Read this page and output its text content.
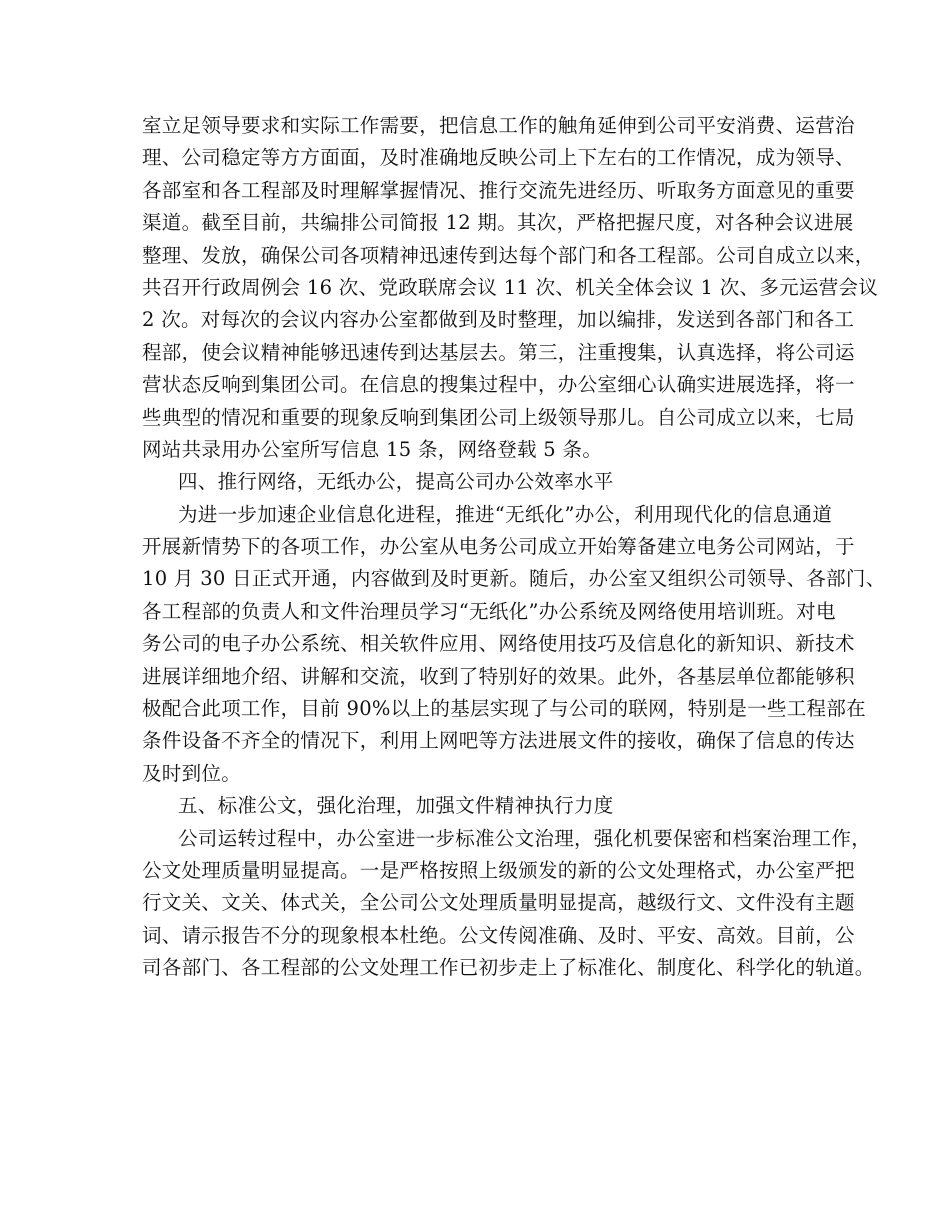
室立足领导要求和实际工作需要，把信息工作的触角延伸到公司平安消费、运营治
理、公司稳定等方方面面，及时准确地反映公司上下左右的工作情况，成为领导、
各部室和各工程部及时理解掌握情况、推行交流先进经历、听取务方面意见的重要
渠道。截至目前，共编排公司简报 12 期。其次，严格把握尺度，对各种会议进展
整理、发放，确保公司各项精神迅速传到达每个部门和各工程部。公司自成立以来，
共召开行政周例会 16 次、党政联席会议 11 次、机关全体会议 1 次、多元运营会议
2 次。对每次的会议内容办公室都做到及时整理，加以编排，发送到各部门和各工
程部，使会议精神能够迅速传到达基层去。第三，注重搜集，认真选择，将公司运
营状态反响到集团公司。在信息的搜集过程中，办公室细心认确实进展选择，将一
些典型的情况和重要的现象反响到集团公司上级领导那儿。自公司成立以来，七局
网站共录用办公室所写信息 15 条，网络登载 5 条。
四、推行网络，无纸办公，提高公司办公效率水平
为进一步加速企业信息化进程，推进“无纸化”办公，利用现代化的信息通道
开展新情势下的各项工作，办公室从电务公司成立开始筹备建立电务公司网站，于
10 月 30 日正式开通，内容做到及时更新。随后，办公室又组织公司领导、各部门、
各工程部的负责人和文件治理员学习“无纸化”办公系统及网络使用培训班。对电
务公司的电子办公系统、相关软件应用、网络使用技巧及信息化的新知识、新技术
进展详细地介绍、讲解和交流，收到了特别好的效果。此外，各基层单位都能够积
极配合此项工作，目前 90%以上的基层实现了与公司的联网，特别是一些工程部在
条件设备不齐全的情况下，利用上网吧等方法进展文件的接收，确保了信息的传达
及时到位。
五、标准公文，强化治理，加强文件精神执行力度
公司运转过程中，办公室进一步标准公文治理，强化机要保密和档案治理工作，
公文处理质量明显提高。一是严格按照上级颁发的新的公文处理格式，办公室严把
行文关、文关、体式关，全公司公文处理质量明显提高，越级行文、文件没有主题
词、请示报告不分的现象根本杜绝。公文传阅准确、及时、平安、高效。目前，公
司各部门、各工程部的公文处理工作已初步走上了标准化、制度化、科学化的轨道。
